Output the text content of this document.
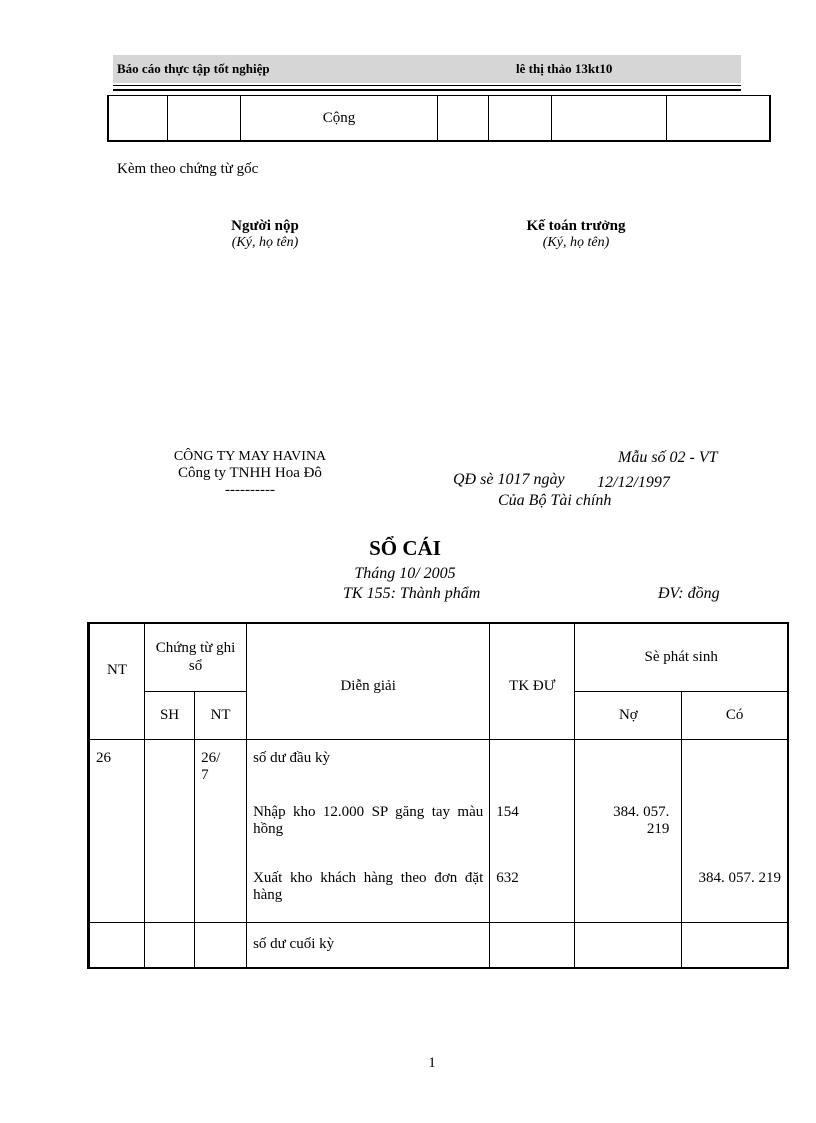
Báo cáo thực tập tốt nghiệp	lê thị thảo 13kt10
		Cộng				
Kèm theo chứng từ gốc
Người nộp
(Ký, họ tên)
Kế toán trưởng
(Ký, họ tên)
CÔNG TY MAY HAVINA
Công ty TNHH Hoa Đô
----------
Mẫu số 02 - VT
QĐ sè 1017 ngày 12/12/1997
Của Bộ Tài chính
SỔ CÁI
Tháng 10/ 2005
TK 155: Thành phẩm	ĐV: đồng
NT	Chứng từ ghi sổ		Diễn giải	TK ĐƯ	Sè phát sinh	
	SH	NT			Nợ	Có
26		26/ 7	số dư đầu kỳ			
			Nhập kho 12.000 SP găng tay màu hồng	154	384. 057. 219	
			Xuất kho khách hàng theo đơn đặt hàng	632		384. 057. 219
			số dư cuối kỳ			
1
